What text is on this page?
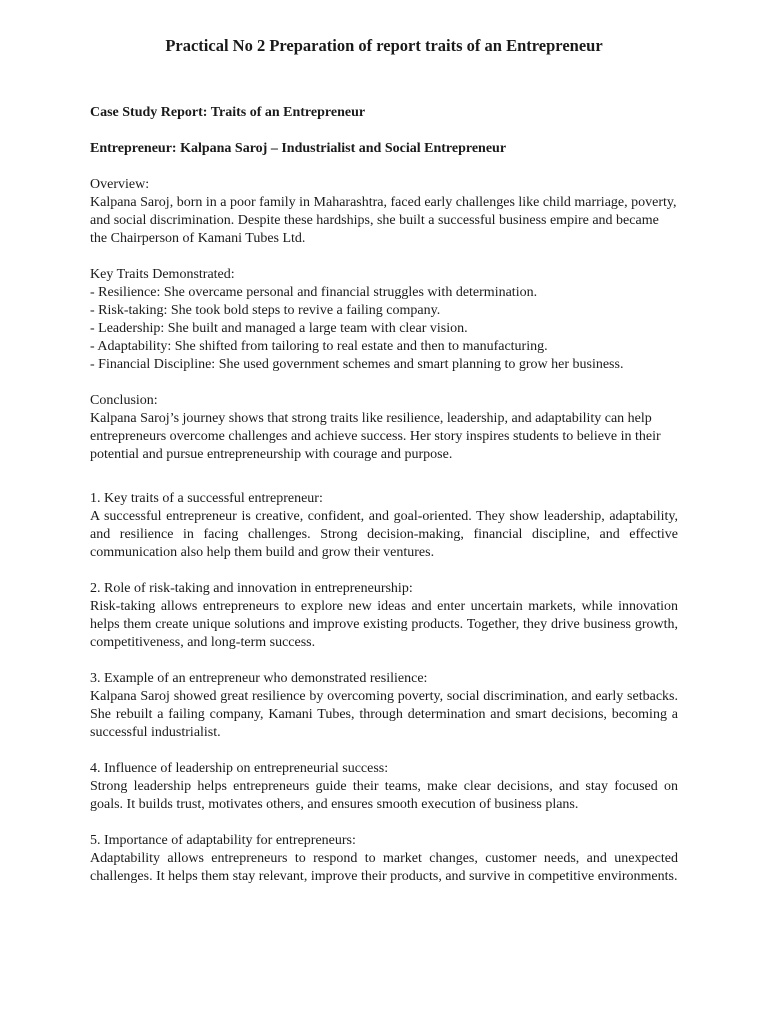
Practical No 2 Preparation of report traits of an Entrepreneur
Case Study Report: Traits of an Entrepreneur
Entrepreneur: Kalpana Saroj – Industrialist and Social Entrepreneur

Overview:

Kalpana Saroj, born in a poor family in Maharashtra, faced early challenges like child marriage, poverty, and social discrimination. Despite these hardships, she built a successful business empire and became the Chairperson of Kamani Tubes Ltd.

Key Traits Demonstrated:

- Resilience: She overcame personal and financial struggles with determination.

- Risk-taking: She took bold steps to revive a failing company.

- Leadership: She built and managed a large team with clear vision.

- Adaptability: She shifted from tailoring to real estate and then to manufacturing.

- Financial Discipline: She used government schemes and smart planning to grow her business.

Conclusion:

Kalpana Saroj’s journey shows that strong traits like resilience, leadership, and adaptability can help entrepreneurs overcome challenges and achieve success. Her story inspires students to believe in their potential and pursue entrepreneurship with courage and purpose.

1. Key traits of a successful entrepreneur:

A successful entrepreneur is creative, confident, and goal-oriented. They show leadership, adaptability, and resilience in facing challenges. Strong decision-making, financial discipline, and effective communication also help them build and grow their ventures.

2. Role of risk-taking and innovation in entrepreneurship:

Risk-taking allows entrepreneurs to explore new ideas and enter uncertain markets, while innovation helps them create unique solutions and improve existing products. Together, they drive business growth, competitiveness, and long-term success.

3. Example of an entrepreneur who demonstrated resilience:

Kalpana Saroj showed great resilience by overcoming poverty, social discrimination, and early setbacks. She rebuilt a failing company, Kamani Tubes, through determination and smart decisions, becoming a successful industrialist.

4. Influence of leadership on entrepreneurial success:

Strong leadership helps entrepreneurs guide their teams, make clear decisions, and stay focused on goals. It builds trust, motivates others, and ensures smooth execution of business plans.

5. Importance of adaptability for entrepreneurs:

Adaptability allows entrepreneurs to respond to market changes, customer needs, and unexpected challenges. It helps them stay relevant, improve their products, and survive in competitive environments.
